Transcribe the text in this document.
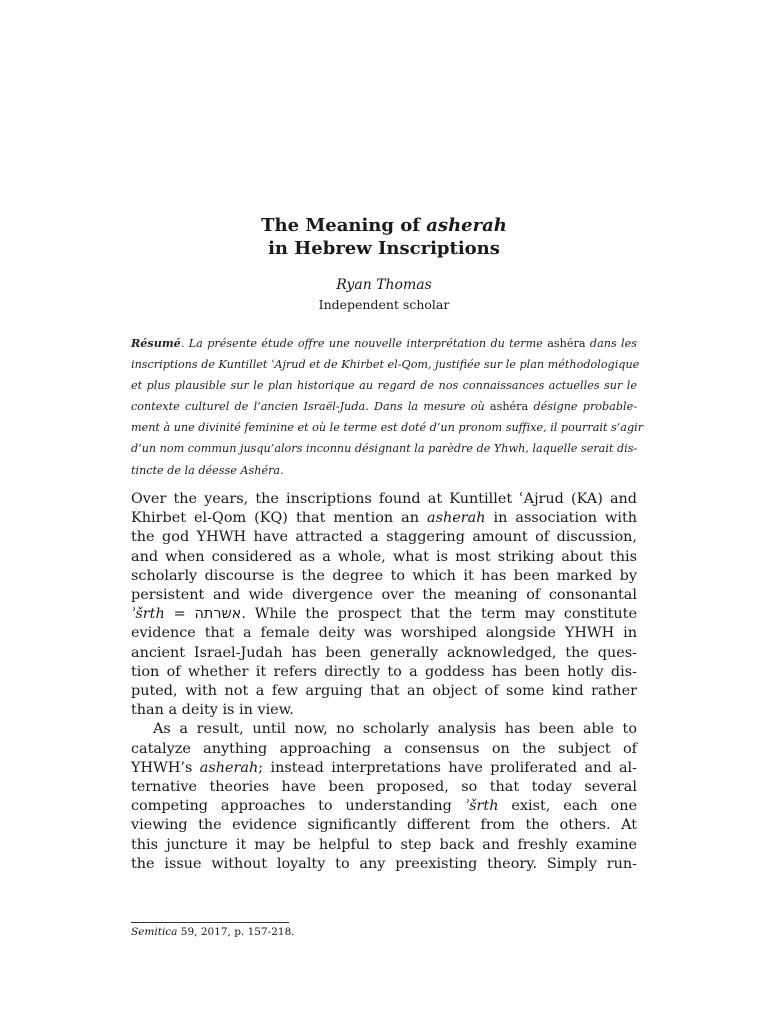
The Meaning of asherah
in Hebrew Inscriptions
Ryan Thomas
Independent scholar
Résumé. La présente étude offre une nouvelle interprétation du terme ashéra dans les
inscriptions de Kuntillet ʿAjrud et de Khirbet el-Qom, justifiée sur le plan méthodologique
et plus plausible sur le plan historique au regard de nos connaissances actuelles sur le
contexte culturel de l’ancien Israël-Juda. Dans la mesure où ashéra désigne probable-
ment à une divinité feminine et où le terme est doté d’un pronom suffixe, il pourrait s’agir
d’un nom commun jusqu’alors inconnu désignant la parèdre de Yhwh, laquelle serait dis-
tincte de la déesse Ashéra.
Over the years, the inscriptions found at Kuntillet ʿAjrud (KA) and
Khirbet el-Qom (KQ) that mention an asherah in association with
the god YHWH have attracted a staggering amount of discussion,
and when considered as a whole, what is most striking about this
scholarly discourse is the degree to which it has been marked by
persistent and wide divergence over the meaning of consonantal
ʾšrth = אשרתה. While the prospect that the term may constitute
evidence that a female deity was worshiped alongside YHWH in
ancient Israel-Judah has been generally acknowledged, the ques-
tion of whether it refers directly to a goddess has been hotly dis-
puted, with not a few arguing that an object of some kind rather
than a deity is in view.
As a result, until now, no scholarly analysis has been able to
catalyze anything approaching a consensus on the subject of
YHWH’s asherah; instead interpretations have proliferated and al-
ternative theories have been proposed, so that today several
competing approaches to understanding ʾšrth exist, each one
viewing the evidence significantly different from the others. At
this juncture it may be helpful to step back and freshly examine
the issue without loyalty to any preexisting theory. Simply run-
Semitica 59, 2017, p. 157-218.
